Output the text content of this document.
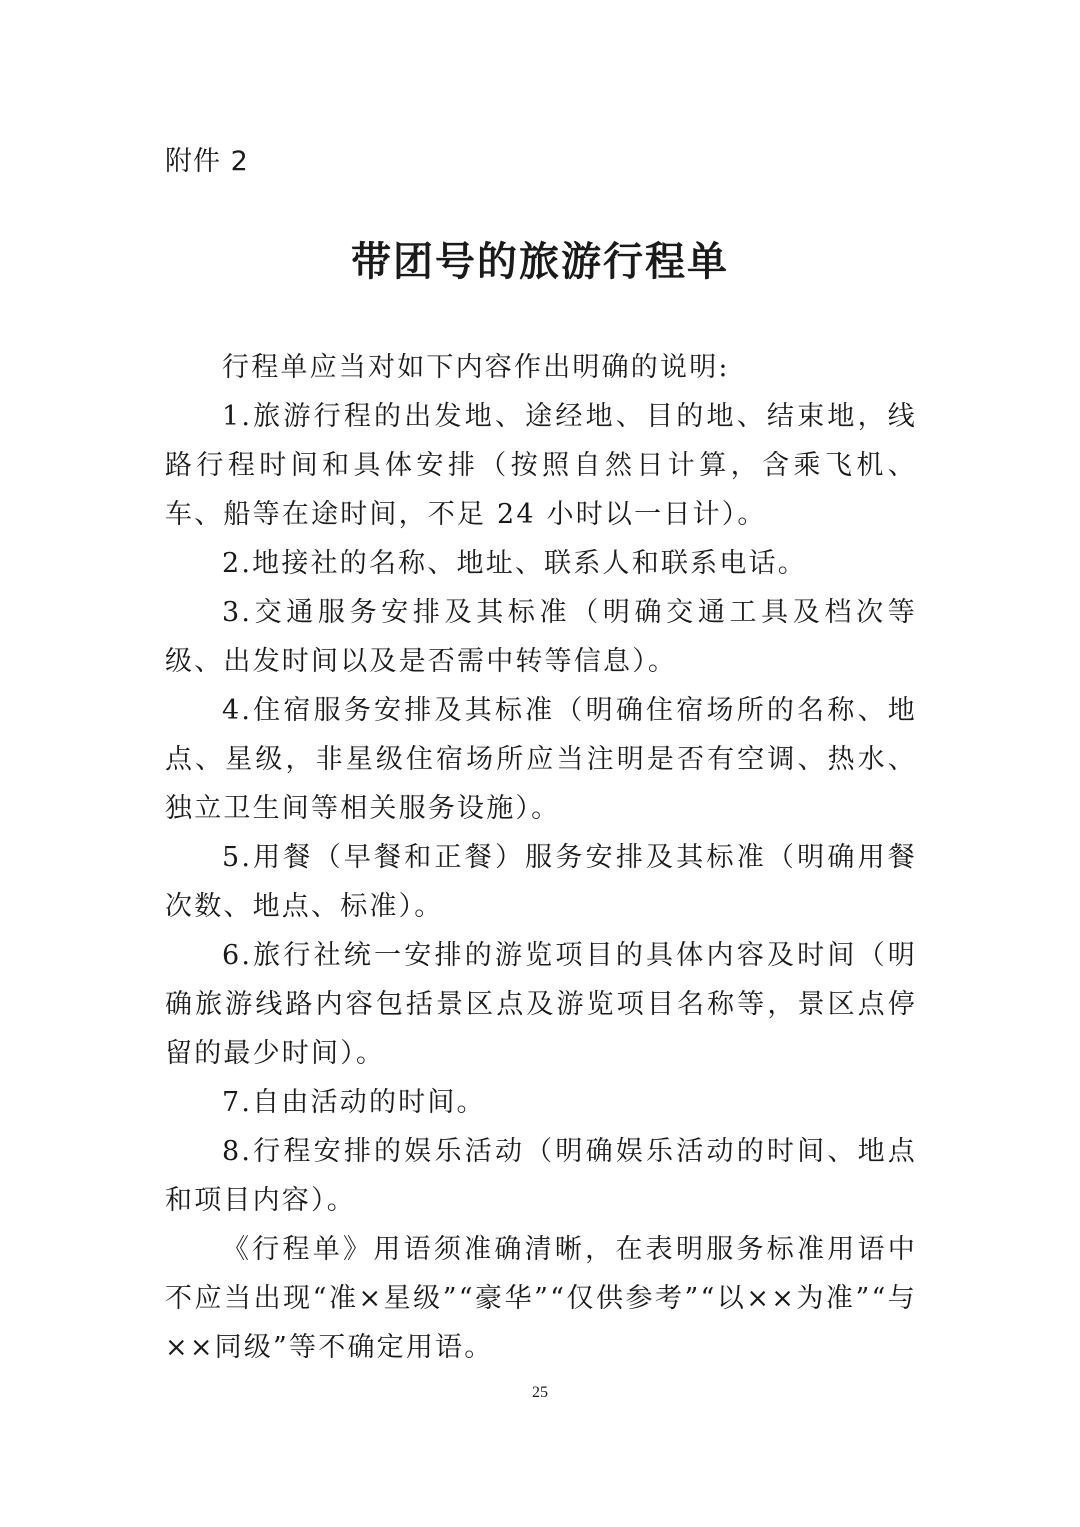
附件 2
带团号的旅游行程单

行程单应当对如下内容作出明确的说明:

1.旅游行程的出发地、途经地、目的地、结束地，线路行程时间和具体安排（按照自然日计算，含乘飞机、车、船等在途时间，不足 24 小时以一日计）。

2.地接社的名称、地址、联系人和联系电话。

3.交通服务安排及其标准（明确交通工具及档次等级、出发时间以及是否需中转等信息）。

4.住宿服务安排及其标准（明确住宿场所的名称、地点、星级，非星级住宿场所应当注明是否有空调、热水、独立卫生间等相关服务设施）。

5.用餐（早餐和正餐）服务安排及其标准（明确用餐次数、地点、标准）。

6.旅行社统一安排的游览项目的具体内容及时间（明确旅游线路内容包括景区点及游览项目名称等，景区点停留的最少时间）。

7.自由活动的时间。

8.行程安排的娱乐活动（明确娱乐活动的时间、地点和项目内容）。

《行程单》用语须准确清晰，在表明服务标准用语中不应当出现“准×星级”“豪华”“仅供参考”“以××为准”“与××同级”等不确定用语。

25
